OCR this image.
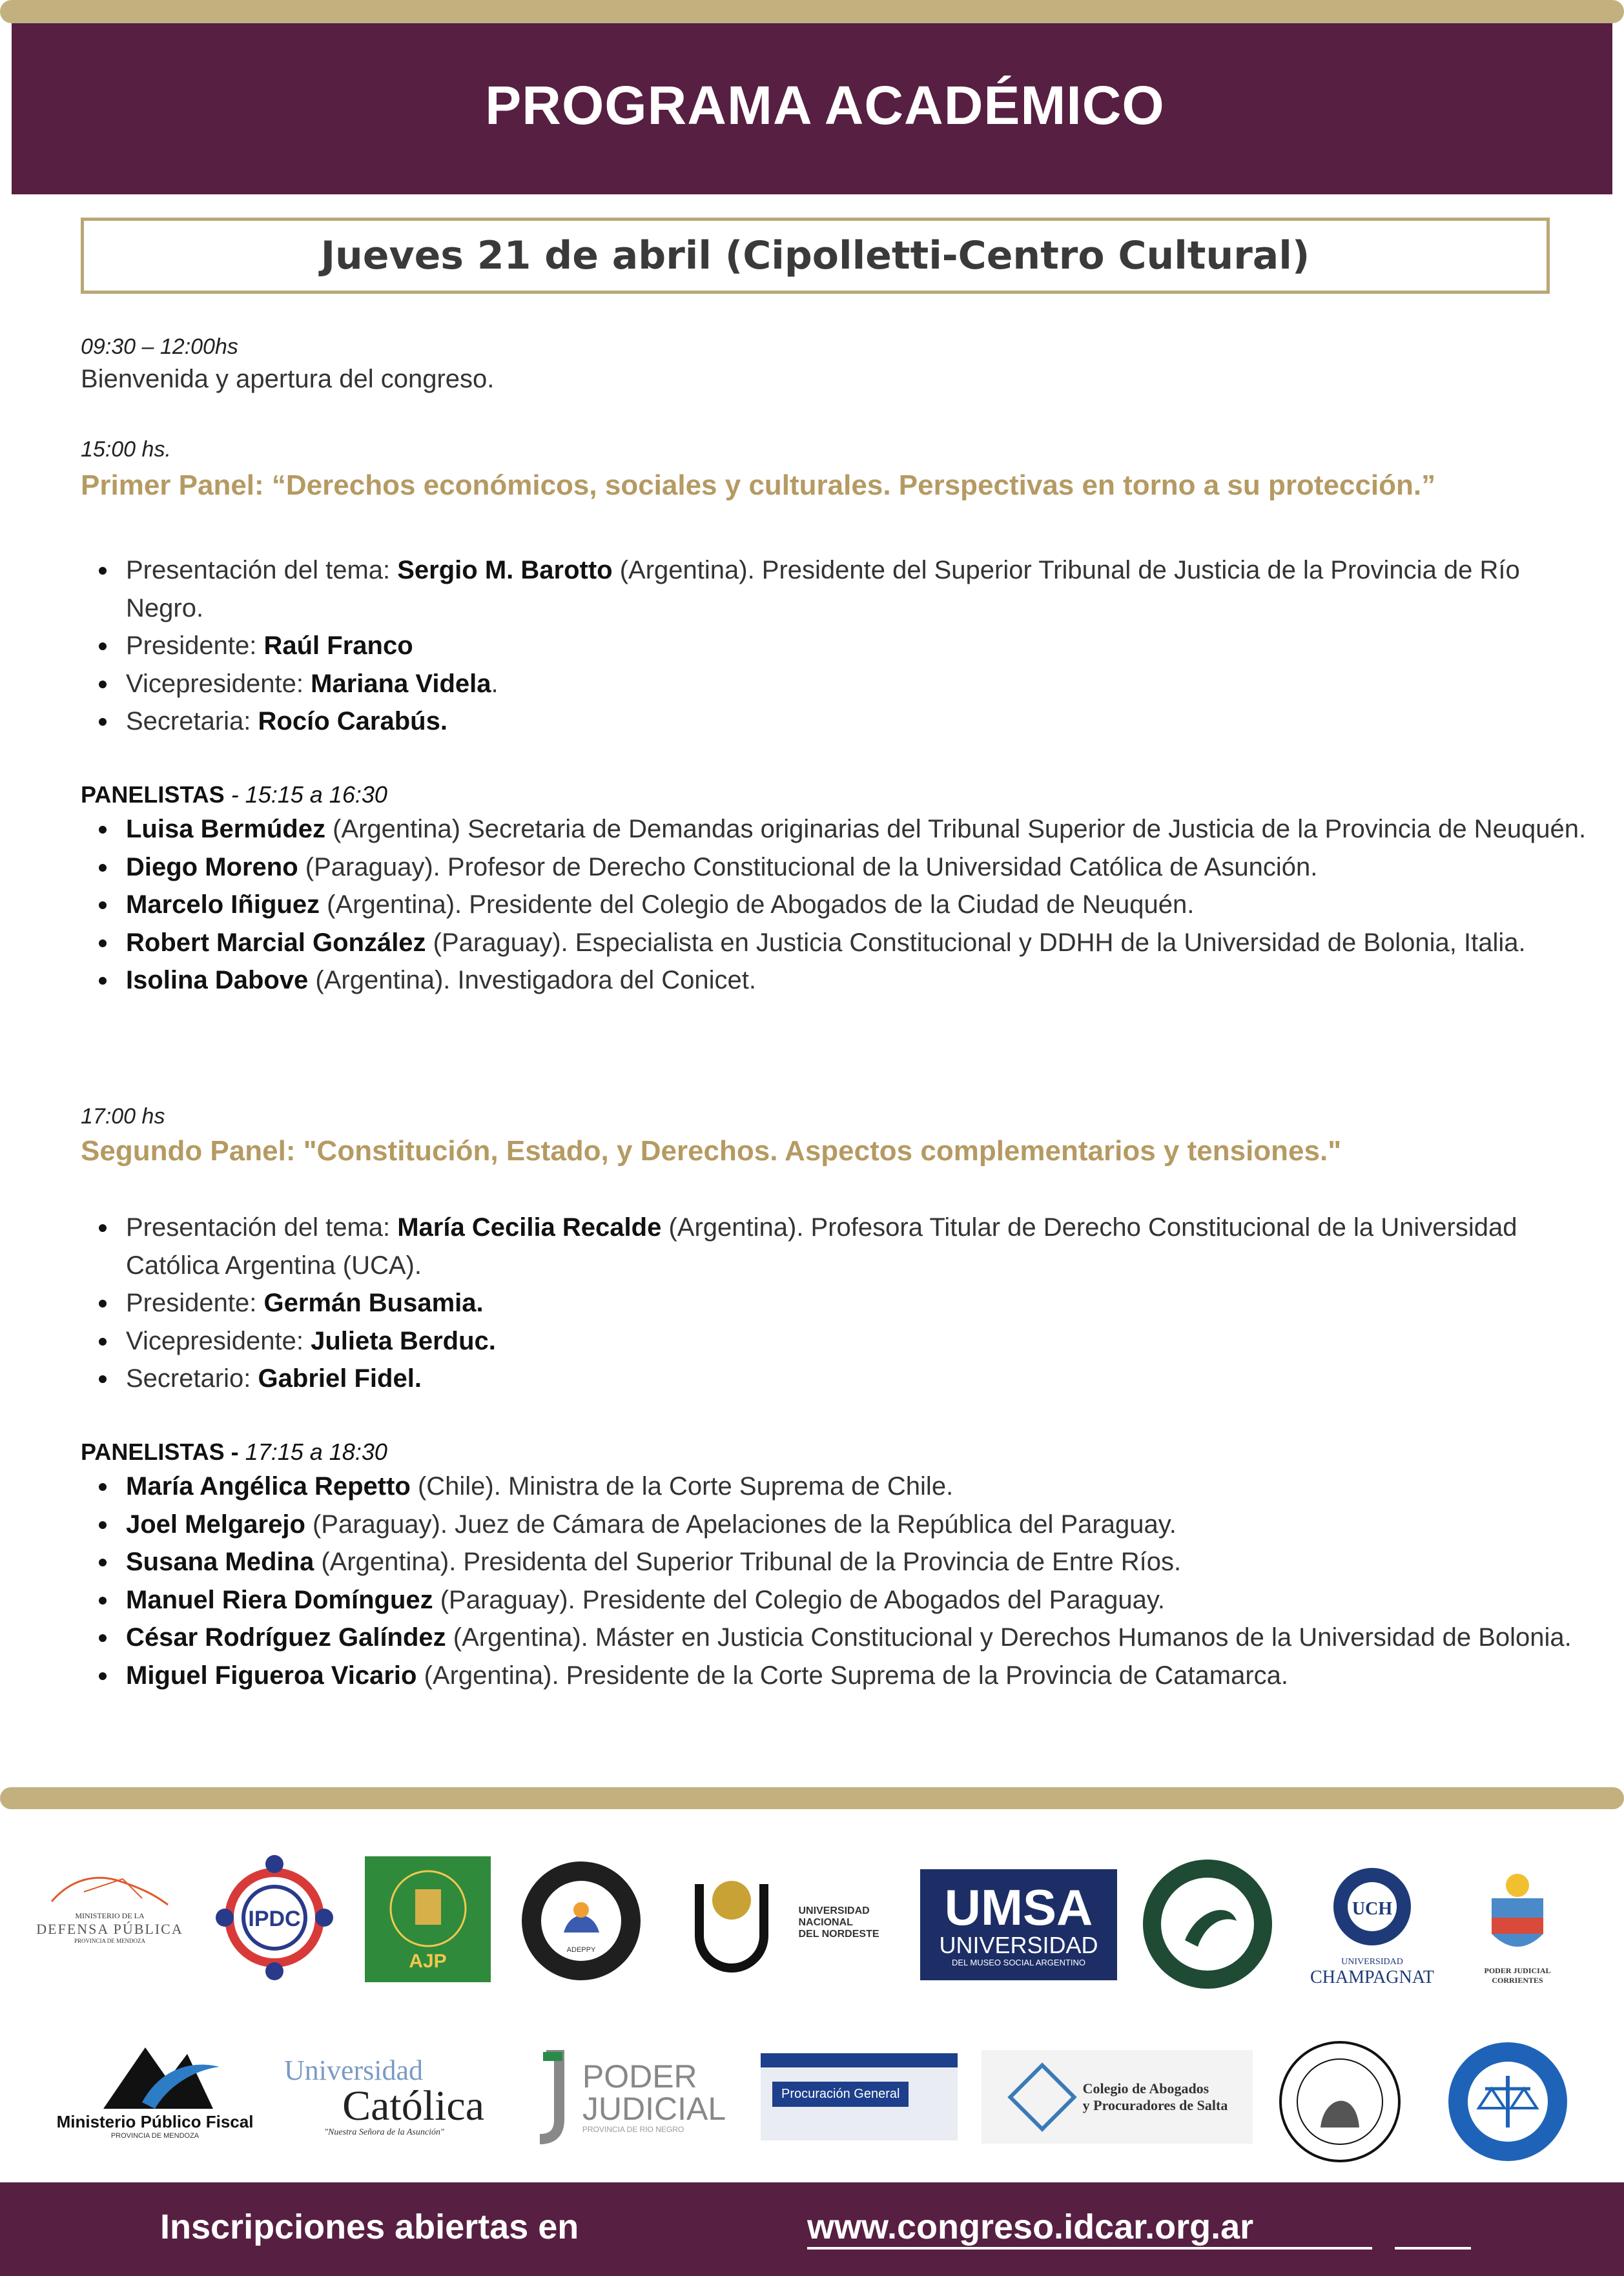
PROGRAMA ACADÉMICO
Jueves 21 de abril (Cipolletti-Centro Cultural)
09:30 – 12:00hs
Bienvenida y apertura del congreso.
15:00 hs.
Primer Panel: “Derechos económicos, sociales y culturales. Perspectivas en torno a su protección.”
Presentación del tema: Sergio M. Barotto (Argentina). Presidente del Superior Tribunal de Justicia de la Provincia de Río Negro.
Presidente: Raúl Franco
Vicepresidente: Mariana Videla.
Secretaria: Rocío Carabús.
PANELISTAS - 15:15 a 16:30
Luisa Bermúdez (Argentina) Secretaria de Demandas originarias del Tribunal Superior de Justicia de la Provincia de Neuquén.
Diego Moreno (Paraguay). Profesor de Derecho Constitucional de la Universidad Católica de Asunción.
Marcelo Iñiguez (Argentina). Presidente del Colegio de Abogados de la Ciudad de Neuquén.
Robert Marcial González (Paraguay). Especialista en Justicia Constitucional y DDHH de la Universidad de Bolonia, Italia.
Isolina Dabove (Argentina). Investigadora del Conicet.
17:00 hs
Segundo Panel: "Constitución, Estado, y Derechos. Aspectos complementarios y tensiones."
Presentación del tema: María Cecilia Recalde (Argentina). Profesora Titular de Derecho Constitucional de la Universidad Católica Argentina (UCA).
Presidente: Germán Busamia.
Vicepresidente: Julieta Berduc.
Secretario: Gabriel Fidel.
PANELISTAS - 17:15 a 18:30
María Angélica Repetto (Chile). Ministra de la Corte Suprema de Chile.
Joel Melgarejo (Paraguay). Juez de Cámara de Apelaciones de la República del Paraguay.
Susana Medina (Argentina). Presidenta del Superior Tribunal de la Provincia de Entre Ríos.
Manuel Riera Domínguez (Paraguay). Presidente del Colegio de Abogados del Paraguay.
César Rodríguez Galíndez (Argentina). Máster en Justicia Constitucional y Derechos Humanos de la Universidad de Bolonia.
Miguel Figueroa Vicario (Argentina). Presidente de la Corte Suprema de la Provincia de Catamarca.
MINISTERIO DE LA
DEFENSA PÚBLICA
PROVINCIA DE MENDOZA
IPDC
AJP
ADEPPY
UNIVERSIDAD
NACIONAL
DEL NORDESTE UMSA
UNIVERSIDAD
DEL MUSEO SOCIAL ARGENTINO
UCH
UNIVERSIDAD
CHAMPAGNAT	PODER JUDICIAL
CORRIENTES
Ministerio Público Fiscal
PROVINCIA DE MENDOZA
Universidad
Católica
"Nuestra Señora de la Asunción"
PODER
JUDICIAL
PROVINCIA DE RIO NEGRO
Procuración General	Colegio de Abogados
y Procuradores de Salta
Inscripciones abiertas en	www.congreso.idcar.org.ar
